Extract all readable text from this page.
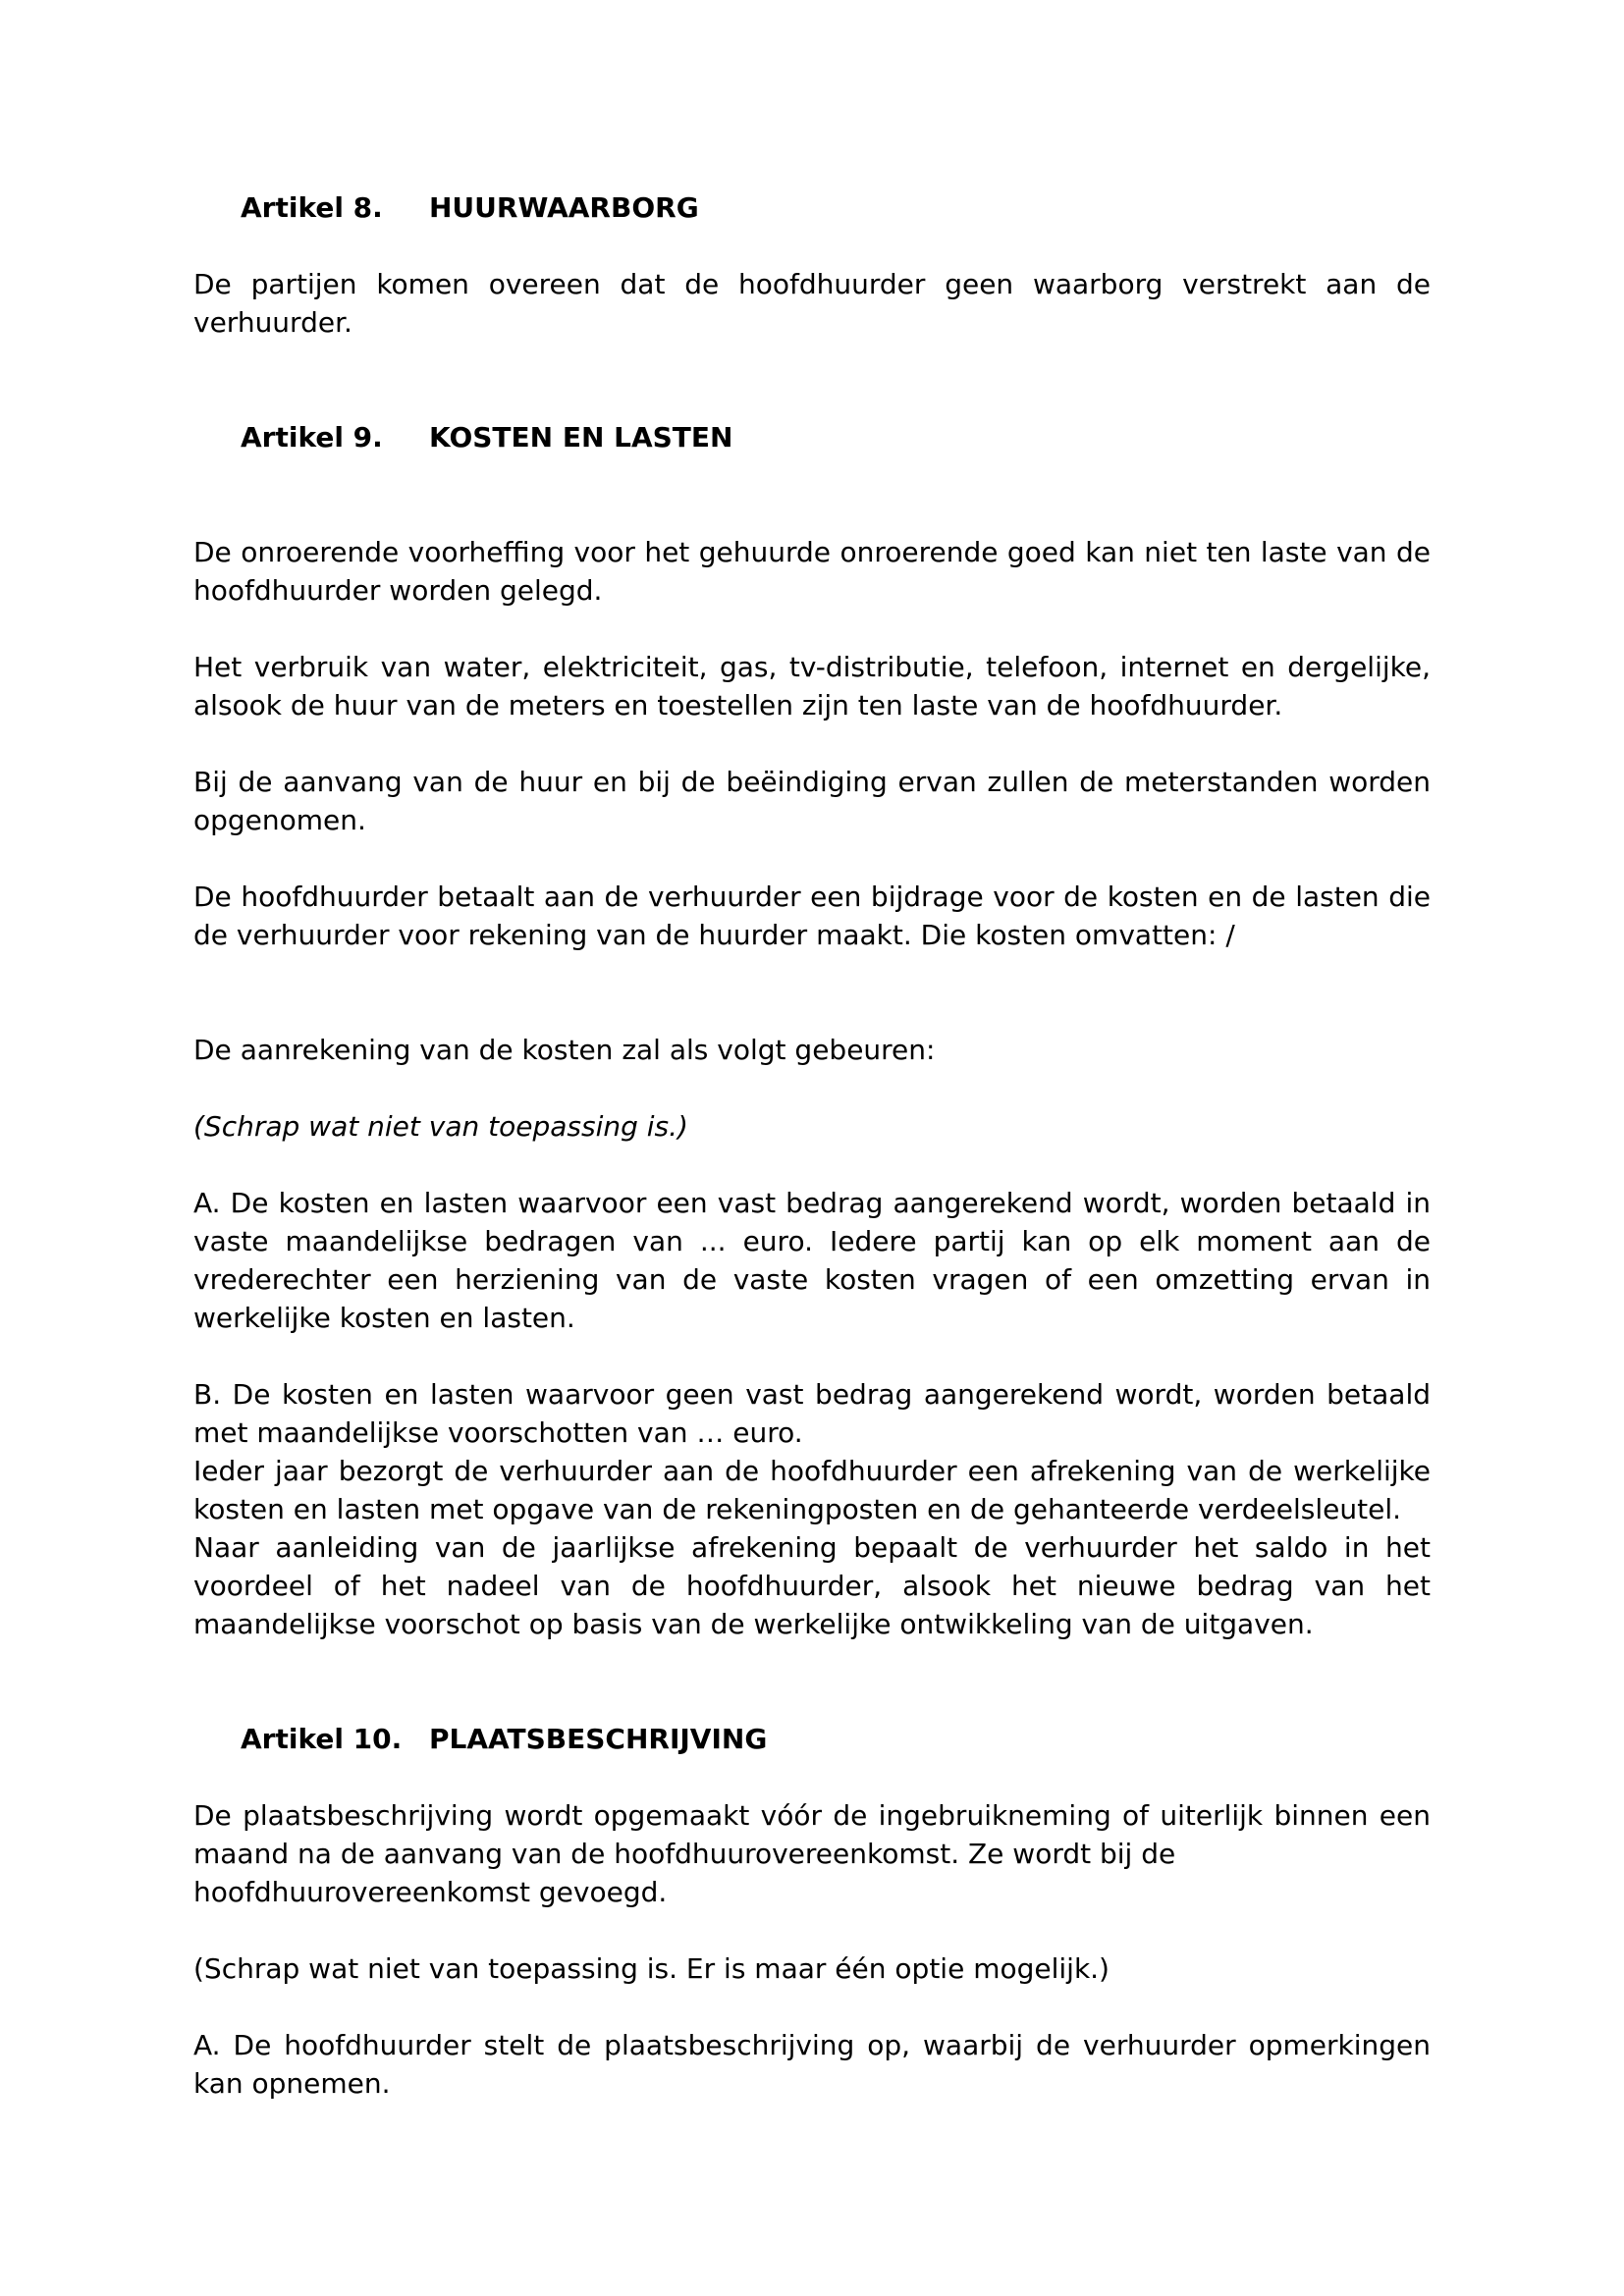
Artikel 8. HUURWAARBORG

De partijen komen overeen dat de hoofdhuurder geen waarborg verstrekt aan de verhuurder.

Artikel 9. KOSTEN EN LASTEN

De onroerende voorheffing voor het gehuurde onroerende goed kan niet ten laste van de hoofdhuurder worden gelegd.

Het verbruik van water, elektriciteit, gas, tv-distributie, telefoon, internet en dergelijke, alsook de huur van de meters en toestellen zijn ten laste van de hoofdhuurder.

Bij de aanvang van de huur en bij de beëindiging ervan zullen de meterstanden worden opgenomen.

De hoofdhuurder betaalt aan de verhuurder een bijdrage voor de kosten en de lasten die de verhuurder voor rekening van de huurder maakt. Die kosten omvatten: /

De aanrekening van de kosten zal als volgt gebeuren:

(Schrap wat niet van toepassing is.)

A. De kosten en lasten waarvoor een vast bedrag aangerekend wordt, worden betaald in vaste maandelijkse bedragen van ... euro. Iedere partij kan op elk moment aan de vrederechter een herziening van de vaste kosten vragen of een omzetting ervan in werkelijke kosten en lasten.

B. De kosten en lasten waarvoor geen vast bedrag aangerekend wordt, worden betaald met maandelijkse voorschotten van … euro.
Ieder jaar bezorgt de verhuurder aan de hoofdhuurder een afrekening van de werkelijke kosten en lasten met opgave van de rekeningposten en de gehanteerde verdeelsleutel.
Naar aanleiding van de jaarlijkse afrekening bepaalt de verhuurder het saldo in het voordeel of het nadeel van de hoofdhuurder, alsook het nieuwe bedrag van het maandelijkse voorschot op basis van de werkelijke ontwikkeling van de uitgaven.

Artikel 10. PLAATSBESCHRIJVING

De plaatsbeschrijving wordt opgemaakt vóór de ingebruikneming of uiterlijk binnen een maand na de aanvang van de hoofdhuurovereenkomst. Ze wordt bij de
hoofdhuurovereenkomst gevoegd.

(Schrap wat niet van toepassing is. Er is maar één optie mogelijk.)

A. De hoofdhuurder stelt de plaatsbeschrijving op, waarbij de verhuurder opmerkingen kan opnemen.
